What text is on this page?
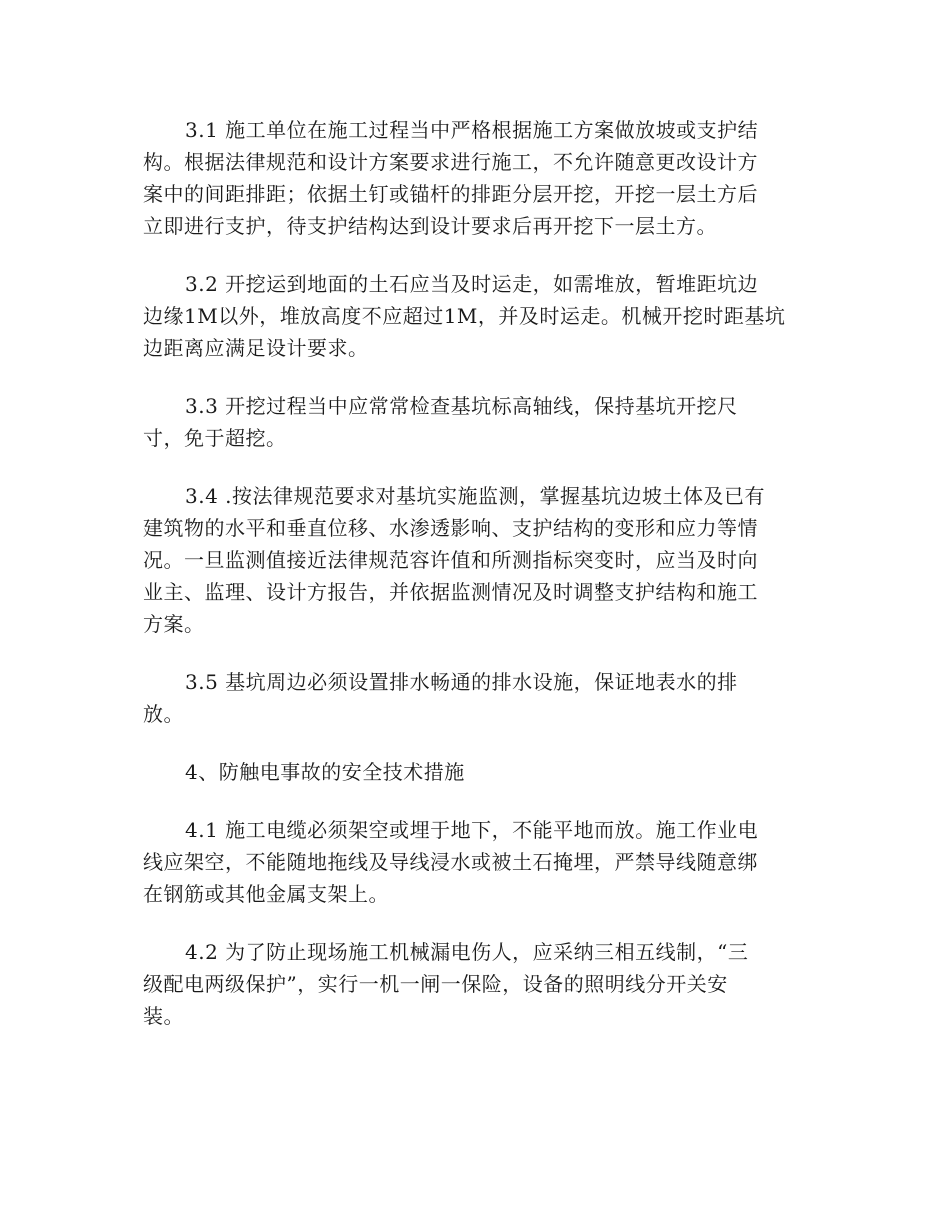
3.1 施工单位在施工过程当中严格根据施工方案做放坡或支护结
构。根据法律规范和设计方案要求进行施工，不允许随意更改设计方
案中的间距排距；依据土钉或锚杆的排距分层开挖，开挖一层土方后
立即进行支护，待支护结构达到设计要求后再开挖下一层土方。

3.2 开挖运到地面的土石应当及时运走，如需堆放，暂堆距坑边
边缘1M以外，堆放高度不应超过1M，并及时运走。机械开挖时距基坑
边距离应满足设计要求。

3.3 开挖过程当中应常常检查基坑标高轴线，保持基坑开挖尺
寸，免于超挖。

3.4 .按法律规范要求对基坑实施监测，掌握基坑边坡土体及已有
建筑物的水平和垂直位移、水渗透影响、支护结构的变形和应力等情
况。一旦监测值接近法律规范容许值和所测指标突变时，应当及时向
业主、监理、设计方报告，并依据监测情况及时调整支护结构和施工
方案。

3.5 基坑周边必须设置排水畅通的排水设施，保证地表水的排
放。

4、防触电事故的安全技术措施

4.1 施工电缆必须架空或埋于地下，不能平地而放。施工作业电
线应架空，不能随地拖线及导线浸水或被土石掩埋，严禁导线随意绑
在钢筋或其他金属支架上。

4.2 为了防止现场施工机械漏电伤人，应采纳三相五线制，“三
级配电两级保护”，实行一机一闸一保险，设备的照明线分开关安
装。
